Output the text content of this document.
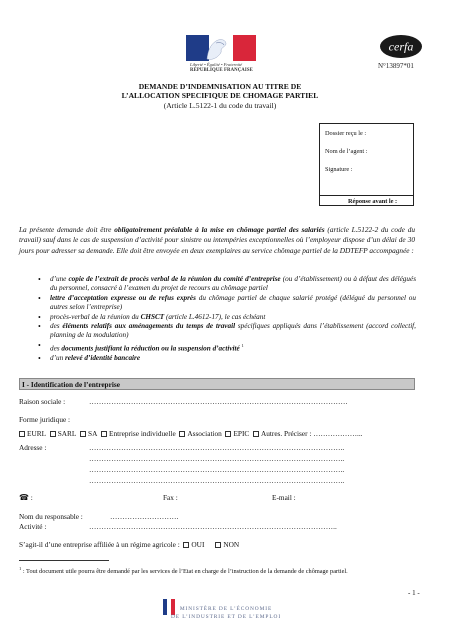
Liberté • Égalité • Fraternité
RÉPUBLIQUE FRANÇAISE
cerfa
N°13897*01
DEMANDE D’INDEMNISATION AU TITRE DE
L’ALLOCATION SPECIFIQUE DE CHOMAGE PARTIEL
(Article L.5122-1 du code du travail)
Dossier reçu le :
Nom de l’agent :
Signature :
Réponse avant le :
La présente demande doit être obligatoirement préalable à la mise en chômage partiel des salariés (article L.5122-2 du code du travail) sauf dans le cas de suspension d’activité pour sinistre ou intempéries exceptionnelles où l’employeur dispose d’un délai de 30 jours pour adresser sa demande. Elle doit être envoyée en deux exemplaires au service chômage partiel de la DDTEFP accompagnée :
• d’une copie de l’extrait de procès verbal de la réunion du comité d’entreprise (ou d’établissement) ou à défaut des délégués du personnel, consacré à l’examen du projet de recours au chômage partiel
• lettre d’acceptation expresse ou de refus exprès du chômage partiel de chaque salarié protégé (délégué du personnel ou autres selon l’entreprise)
• procès-verbal de la réunion du CHSCT (article L.4612-17), le cas échéant
• des éléments relatifs aux aménagements du temps de travail spécifiques appliqués dans l’établissement (accord collectif, planning de la modulation)
• des documents justifiant la réduction ou la suspension d’activité $^1$
• d’un relevé d’identité bancaire
I - Identification de l’entreprise
Raison sociale :	……………………………………………………………………………………………
Forme juridique :
EURL SARL SA Entreprise individuelle Association EPIC Autres. Préciser : ………………...
Adresse :	…………………………………………………………………………………………..
…………………………………………………………………………………………..
…………………………………………………………………………………………..
…………………………………………………………………………………………..
☎ :	Fax :	E-mail :
Nom du responsable :	……………………….
Activité :	………………………………………………………………………………………..
S’agit-il d’une entreprise affiliée à un régime agricole : OUI	NON
$^1$ : Tout document utile pourra être demandé par les services de l’Etat en charge de l’instruction de la demande de chômage partiel.
- 1 -
MINISTÈRE DE L’ÉCONOMIE
DE L’INDUSTRIE ET DE L’EMPLOI
